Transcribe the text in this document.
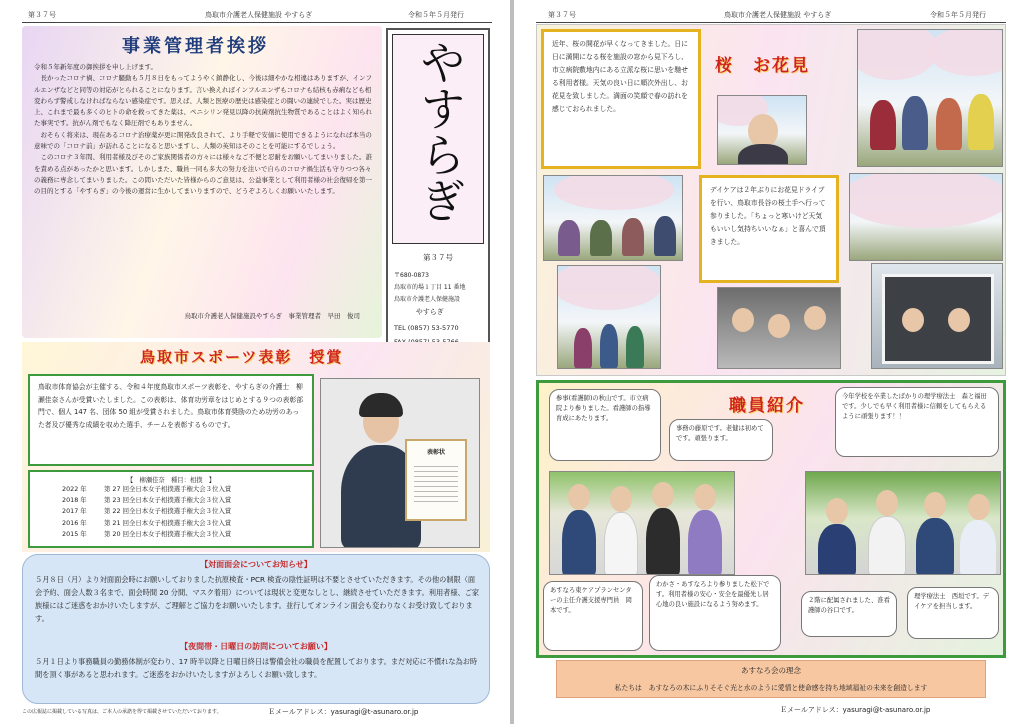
第３７号	鳥取市介護老人保健施設 やすらぎ	令和５年５月発行
事業管理者挨拶
令和５年新年度の御挨拶を申し上げます。
長かったコロナ禍、コロナ騒動も５月８日をもってようやく鎮静化し、今後は細やかな相違はありますが、インフルエンザなどと同等の対応がとられることになります。言い換えればインフルエンザもコロナも結核も赤痢なども相変わらず警戒しなければならない感染症です。思えば、人類と医療の歴史は感染症との闘いの連続でした。実は歴史上、これまで最も多くのヒトの命を救ってきた薬は、ペニシリン発見以降の抗菌剤抗生物質であることはよく知られた事実です。抗がん剤でもなく降圧剤でもありません。
おそらく将来は、現在あるコロナ治療薬が更に開発改良されて、より手軽で安価に使用できるようになれば本当の意味での「コロナ前」が訪れることになると思いますし、人類の英知はそのことを可能にするでしょう。
このコロナ３年間、利用者様及びそのご家族関係者の方々には様々なご不便と忍耐をお願いしてまいりました。誰を責める点があったかと思います。しかしまた、職員一同も多大の努力を注いで自らのコロナ禍生活も守りつつ各々の義務に専念してまいりました。この間いただいた皆様からのご意見は、公益事業として利用者様の社会復帰を第一の目的とする「やすらぎ」の今後の運営に生かしてまいりますので、どうぞよろしくお願いいたします。
鳥取市介護老人保健施設やすらぎ　事業管理者　早田　俊司
やすらぎ
第３７号
〒680-0873
鳥取市的場１丁目 11 番地
鳥取市介護老人保健施設
やすらぎ
TEL (0857) 53-5770
鳥取市スポーツ表彰　授賞
鳥取市体育協会が主催する、令和４年度鳥取市スポーツ表彰を、やすらぎの介護士　柳瀬佳奈さんが受賞いたしました。この表彰は、体育功労章をはじめとする９つの表彰部門で、個人 147 名、団体 50 組が受賞されました。鳥取市体育奨励のため功労のあった者及び優秀な成績を収めた選手、チームを表彰するものです。
【　柳瀬佳奈　種目：相撲　】
2022 年	第 27 回全日本女子相撲選手権大会３位入賞
2018 年	第 23 回全日本女子相撲選手権大会３位入賞
2017 年	第 22 回全日本女子相撲選手権大会３位入賞
2016 年	第 21 回全日本女子相撲選手権大会３位入賞
2015 年	第 20 回全日本女子相撲選手権大会３位入賞
表彰状
【対面面会についてお知らせ】
５月８日（月）より対面面会時にお願いしておりました抗原検査・PCR 検査の陰性証明は不要とさせていただきます。その他の制限（面会予約、面会人数３名まで、面会時間 20 分間、マスク着用）については現状と変更なしとし、継続させていただきます。利用者様、ご家族様にはご迷惑をおかけいたしますが、ご理解とご協力をお願いいたします。並行してオンライン面会も変わりなくお受け致しております。
【夜間帯・日曜日の訪問についてお願い】
５月１日より事務職員の勤務体制が変わり、17 時半以降と日曜日終日は警備会社の職員を配置しております。まだ対応に不慣れな為お時間を頂く事があると思われます。ご迷惑をおかけいたしますがよろしくお願い致します。
この広報誌に掲載している写真は、ご本人の承諾を得て掲載させていただいております。	Ｅメールアドレス：yasuragi@t-asunaro.or.jp
第３７号	鳥取市介護老人保健施設 やすらぎ	令和５年５月発行
近年、桜の開花が早くなってきました。日に日に満開になる桜を施設の窓から見下ろし、市立病院敷地内にある立派な桜に思いを馳せる利用者様。天気の良い日に順次外出し、お花見を致しました。満面の笑顔で春の訪れを感じておられました。
桜　お花見
デイケアは２年ぶりにお花見ドライブを行い、鳥取市長谷の桜土手へ行って参りました。「ちょっと寒いけど天気もいいし気持ちいいなぁ」と喜んで頂きました。
職員紹介
参事(看護師)の秋山です。市立病院より参りました。看護師の指導育成にあたります。
事務の藤原です。老健は初めてです。頑張ります。
今年学校を卒業したばかりの理学療法士　森と福田です。少しでも早く利用者様に信頼をしてもらえるように頑張ります！！
あすなろ東ケアプランセンターの主任介護支援専門員　岡本です。
わかさ・あすなろより参りました松下です。利用者様の安心・安全を最優先し居心地の良い施設になるよう努めます。
２階に配属されました、准看護師の谷口です。
理学療法士　西垣です。デイケアを担当します。
あすなろ会の理念
私たちは　あすなろの木にふりそそぐ光と水のように愛情と使命感を持ち地域福祉の未来を創造します
Ｅメールアドレス：yasuragi@t-asunaro.or.jp
